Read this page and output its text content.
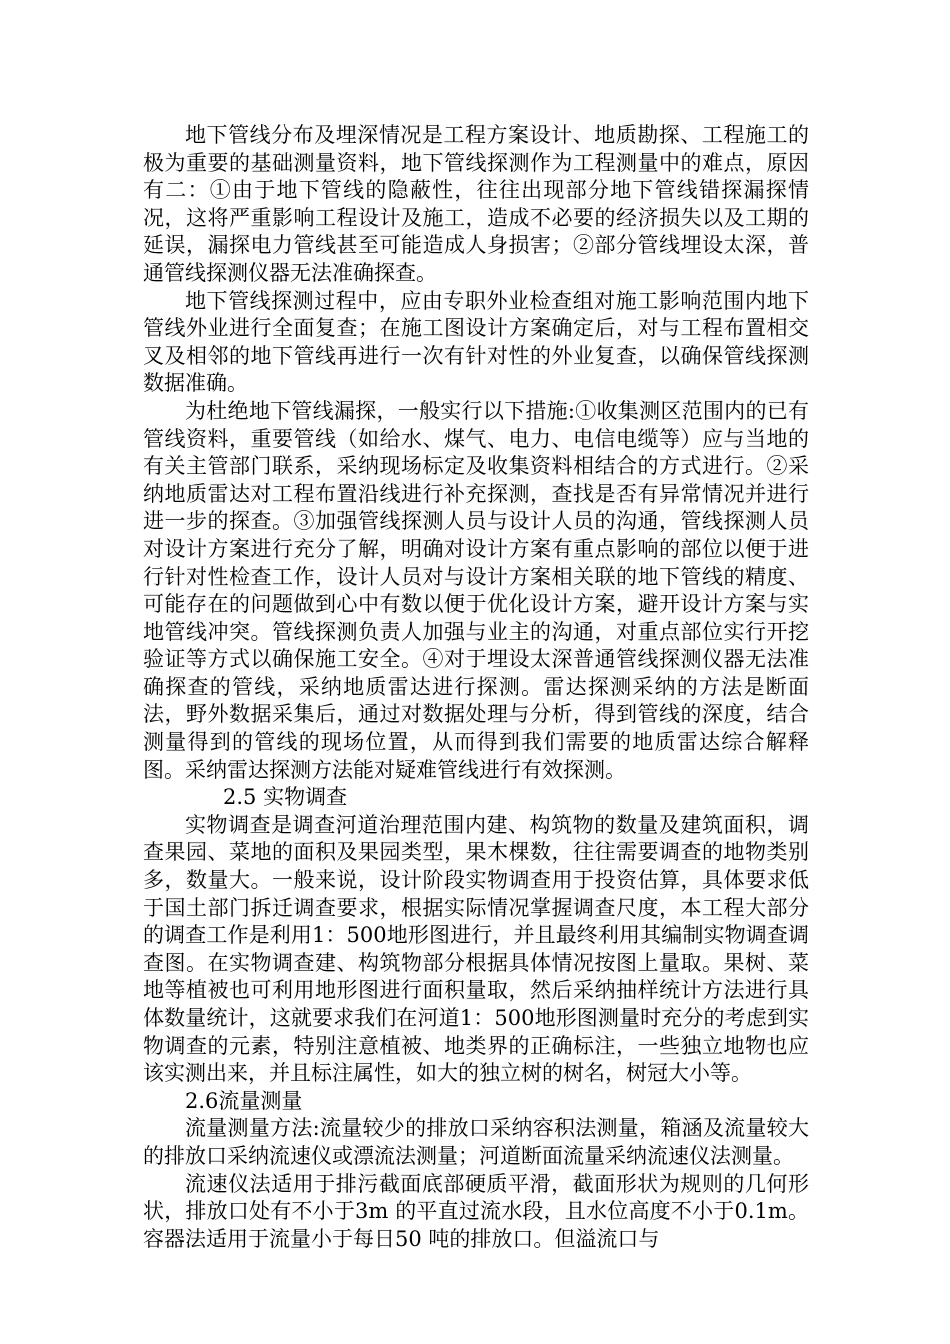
地下管线分布及埋深情况是工程方案设计、地质勘探、工程施工的极为重要的基础测量资料，地下管线探测作为工程测量中的难点，原因有二：①由于地下管线的隐蔽性，往往出现部分地下管线错探漏探情况，这将严重影响工程设计及施工，造成不必要的经济损失以及工期的延误，漏探电力管线甚至可能造成人身损害；②部分管线埋设太深，普通管线探测仪器无法准确探查。

地下管线探测过程中，应由专职外业检查组对施工影响范围内地下管线外业进行全面复查；在施工图设计方案确定后，对与工程布置相交叉及相邻的地下管线再进行一次有针对性的外业复查，以确保管线探测数据准确。

为杜绝地下管线漏探，一般实行以下措施:①收集测区范围内的已有管线资料，重要管线（如给水、煤气、电力、电信电缆等）应与当地的有关主管部门联系，采纳现场标定及收集资料相结合的方式进行。②采纳地质雷达对工程布置沿线进行补充探测，查找是否有异常情况并进行进一步的探查。③加强管线探测人员与设计人员的沟通，管线探测人员对设计方案进行充分了解，明确对设计方案有重点影响的部位以便于进行针对性检查工作，设计人员对与设计方案相关联的地下管线的精度、可能存在的问题做到心中有数以便于优化设计方案，避开设计方案与实地管线冲突。管线探测负责人加强与业主的沟通，对重点部位实行开挖验证等方式以确保施工安全。④对于埋设太深普通管线探测仪器无法准确探查的管线，采纳地质雷达进行探测。雷达探测采纳的方法是断面法，野外数据采集后，通过对数据处理与分析，得到管线的深度，结合测量得到的管线的现场位置，从而得到我们需要的地质雷达综合解释图。采纳雷达探测方法能对疑难管线进行有效探测。

2.5 实物调查

实物调查是调查河道治理范围内建、构筑物的数量及建筑面积，调查果园、菜地的面积及果园类型，果木棵数，往往需要调查的地物类别多，数量大。一般来说，设计阶段实物调查用于投资估算，具体要求低于国土部门拆迁调查要求，根据实际情况掌握调查尺度，本工程大部分的调查工作是利用1：500地形图进行，并且最终利用其编制实物调查调查图。在实物调查建、构筑物部分根据具体情况按图上量取。果树、菜地等植被也可利用地形图进行面积量取，然后采纳抽样统计方法进行具体数量统计，这就要求我们在河道1：500地形图测量时充分的考虑到实物调查的元素，特别注意植被、地类界的正确标注，一些独立地物也应该实测出来，并且标注属性，如大的独立树的树名，树冠大小等。

2.6流量测量

流量测量方法:流量较少的排放口采纳容积法测量，箱涵及流量较大的排放口采纳流速仪或漂流法测量；河道断面流量采纳流速仪法测量。

流速仪法适用于排污截面底部硬质平滑，截面形状为规则的几何形状，排放口处有不小于3m 的平直过流水段，且水位高度不小于0.1m。容器法适用于流量小于每日50 吨的排放口。但溢流口与
